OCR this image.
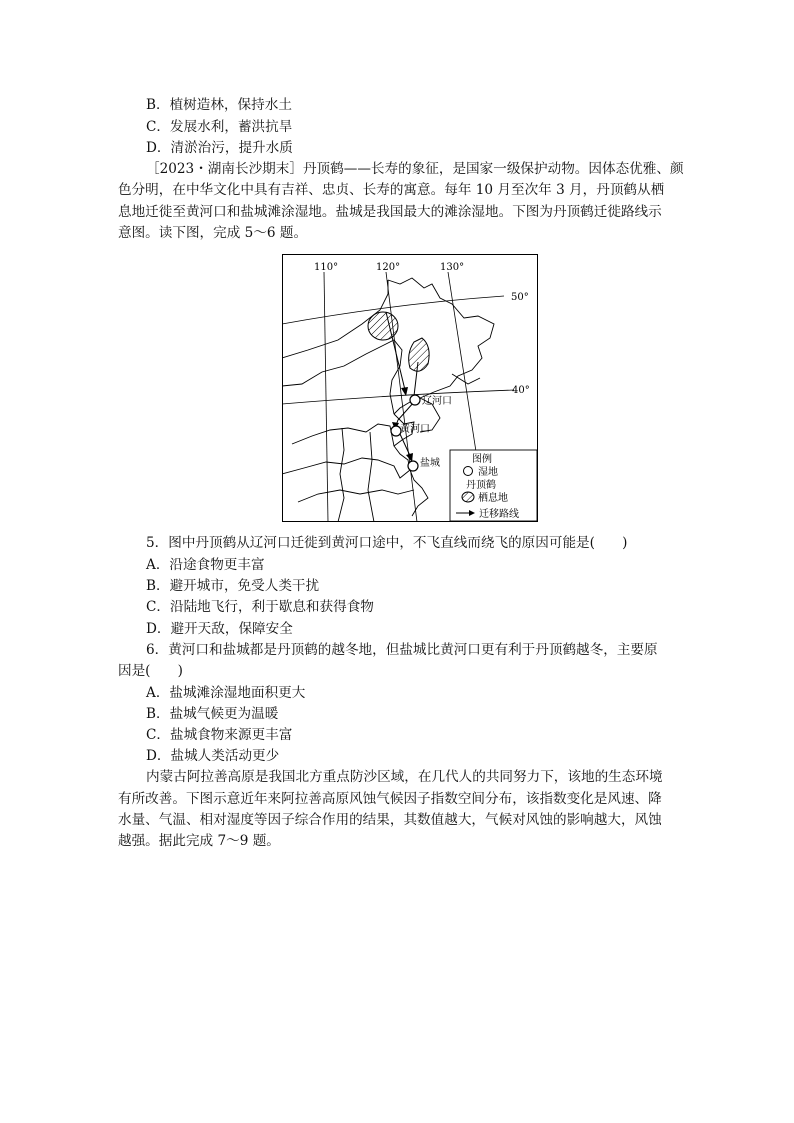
B．植树造林，保持水土
C．发展水利，蓄洪抗旱
D．清淤治污，提升水质
［2023・湖南长沙期末］丹顶鹤——长寿的象征，是国家一级保护动物。因体态优雅、颜
色分明，在中华文化中具有吉祥、忠贞、长寿的寓意。每年 10 月至次年 3 月，丹顶鹤从栖
息地迁徙至黄河口和盐城滩涂湿地。盐城是我国最大的滩涂湿地。下图为丹顶鹤迁徙路线示
意图。读下图，完成 5～6 题。
110°	120°	130°
50°
40°
辽河口
黄河口
盐城	图例
湿地
丹顶鹤
栖息地
迁移路线
5．图中丹顶鹤从辽河口迁徙到黄河口途中，不飞直线而绕飞的原因可能是(　　)
A．沿途食物更丰富
B．避开城市，免受人类干扰
C．沿陆地飞行，利于歇息和获得食物
D．避开天敌，保障安全
6．黄河口和盐城都是丹顶鹤的越冬地，但盐城比黄河口更有利于丹顶鹤越冬，主要原
因是(　　)
A．盐城滩涂湿地面积更大
B．盐城气候更为温暖
C．盐城食物来源更丰富
D．盐城人类活动更少
内蒙古阿拉善高原是我国北方重点防沙区域，在几代人的共同努力下，该地的生态环境
有所改善。下图示意近年来阿拉善高原风蚀气候因子指数空间分布，该指数变化是风速、降
水量、气温、相对湿度等因子综合作用的结果，其数值越大，气候对风蚀的影响越大，风蚀
越强。据此完成 7～9 题。
